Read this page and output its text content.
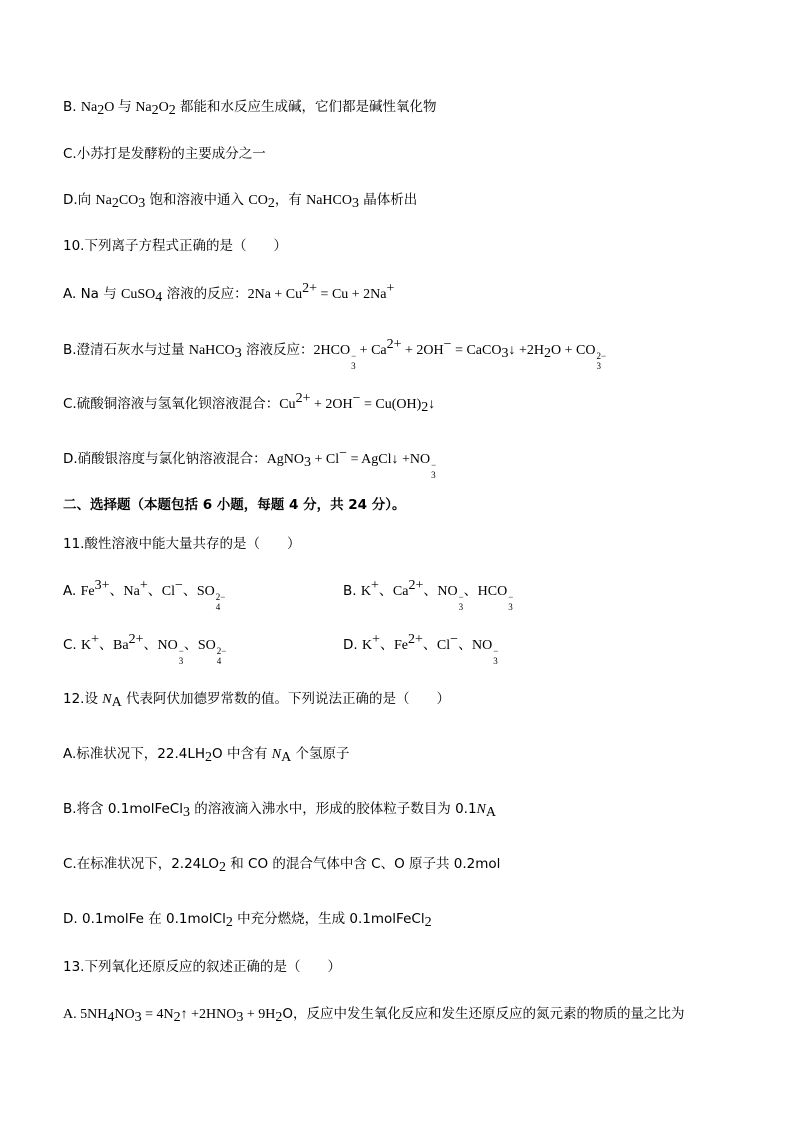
B. $Na_2O$ 与 $Na_2O_2$ 都能和水反应生成碱，它们都是碱性氧化物
C.小苏打是发酵粉的主要成分之一
D.向 $Na_2CO_3$ 饱和溶液中通入 $CO_2$，有 NaHCO$_3$ 晶体析出
10.下列离子方程式正确的是（　　）
A. Na 与 CuSO$_4$ 溶液的反应：$2Na + Cu^{2+} = Cu + 2Na^+$
B.澄清石灰水与过量 NaHCO$_3$ 溶液反应：2HCO −
3
+ $Ca^{2+} + 2OH^-$ = CaCO$_3$↓ $+2H_2O$ + CO 2−
3
C.硫酸铜溶液与氢氧化钡溶液混合：$Cu^{2+} + 2OH^-$ = $Cu(OH)_2↓$
D.硝酸银溶度与氯化钠溶液混合：AgNO$_3$ + Cl− = AgCl↓ +NO −
3
二、选择题（本题包括 6 小题，每题 4 分，共 24 分）。
11.酸性溶液中能大量共存的是（　　）
A. $Fe^{3+}$、Na+、Cl−、SO 2−
4
B. K+、$Ca^{2+}$、NO −
3
、HCO −
3
C. K+、$Ba^{2+}$、NO −
3
、SO 2−
4
D. K+、$Fe^{2+}$、Cl−、NO −
3
12.设 $N_A$ 代表阿伏加德罗常数的值。下列说法正确的是（　　）
A.标准状况下，$22.4LH_2O$ 中含有 $N_A$ 个氢原子
B.将含 0.1molFeCl$_3$ 的溶液滴入沸水中，形成的胶体粒子数目为 $0.1N_A$
C.在标准状况下，$2.24LO_2$ 和 CO 的混合气体中含 C、O 原子共 0.2mol
D. 0.1molFe 在 0.1molCl$_2$ 中充分燃烧，生成 0.1molFeCl$_2$
13.下列氧化还原反应的叙述正确的是（　　）
A. $5NH_4NO_3$ = $4N_2↑ +2HNO_3 + 9H_2O$，反应中发生氧化反应和发生还原反应的氮元素的物质的量之比为
